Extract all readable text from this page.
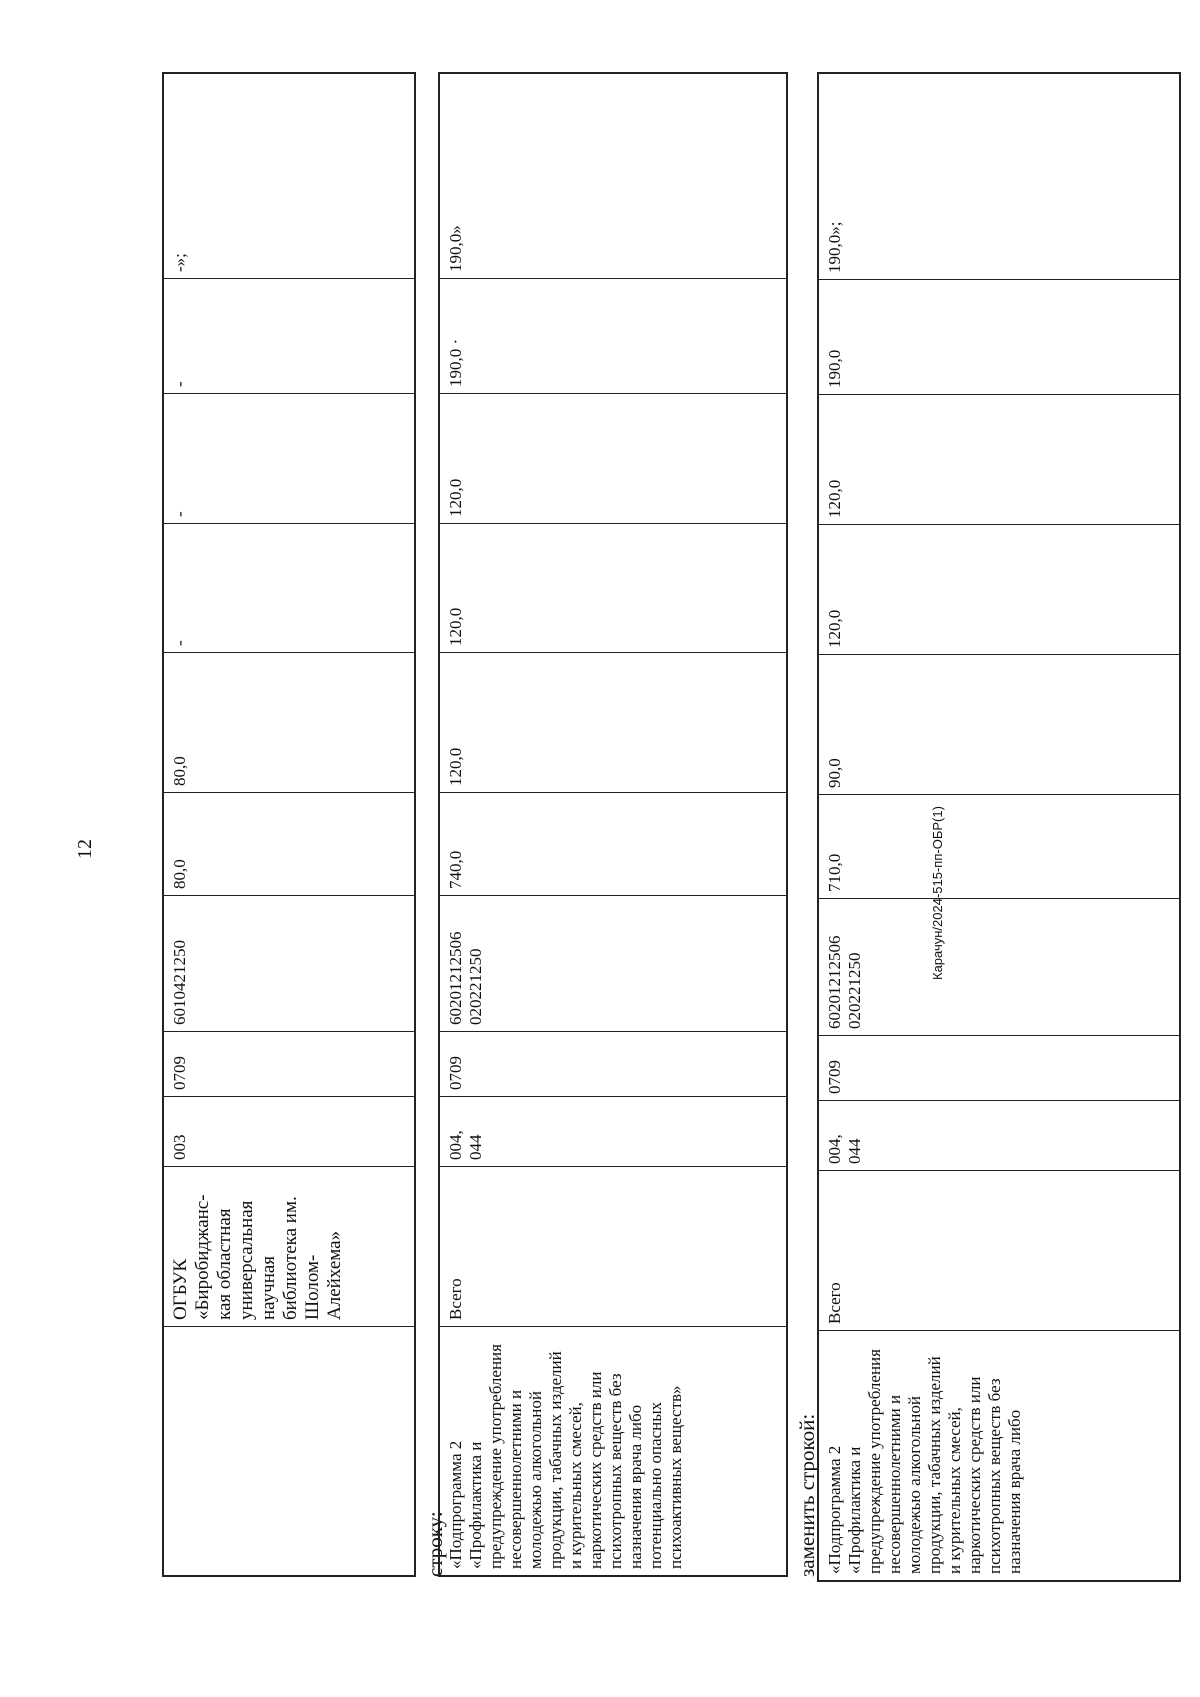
12	Карачун/2024-515-пп-ОБР(1)
ОГБУК
«Биробиджанс-
кая областная
универсальная
научная
библиотека им.
Шолом-
Алейхема»
003
0709
6010421250
80,0
80,0
-
-
-
-»;
строку: «Подпрограмма 2
«Профилактика и
предупреждение употребления
несовершеннолетними и
молодежью алкогольной
продукции, табачных изделий
и курительных смесей,
наркотических средств или
психотропных веществ без
назначения врача либо
потенциально опасных
психоактивных веществ»
Всего
004,
044
0709
60201212506
020221250
740,0
120,0
120,0
120,0
190,0 ·
190,0»
заменить строкой: «Подпрограмма 2
«Профилактика и
предупреждение употребления
несовершеннолетними и
молодежью алкогольной
продукции, табачных изделий
и курительных смесей,
наркотических средств или
психотропных веществ без
назначения врача либо
Всего
004,
044
0709
60201212506
020221250
710,0
90,0
120,0
120,0
190,0
190,0»;
